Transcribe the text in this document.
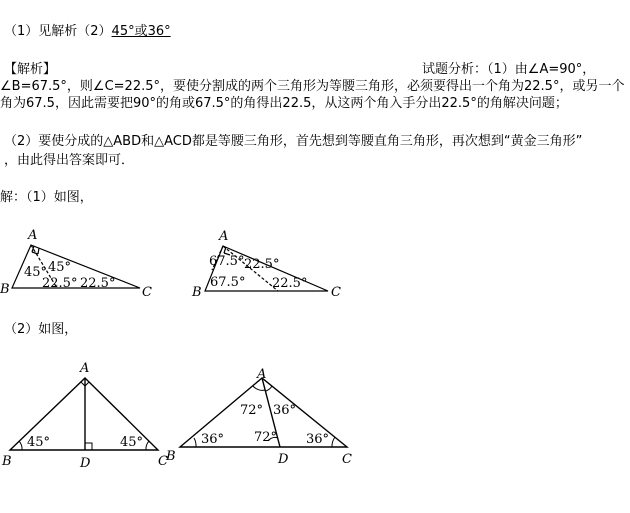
（1）见解析（2）45°或36°
【解析】	试题分析：（1）由∠A=90°，
∠B=67.5°，则∠C=22.5°，要使分割成的两个三角形为等腰三角形，必须要得出一个角为22.5°，或另一个
角为67.5，因此需要把90°的角或67.5°的角得出22.5，从这两个角入手分出22.5°的角解决问题；
（2）要使分成的△ABD和△ACD都是等腰三角形，首先想到等腰直角三角形，再次想到“黄金三角形”
，由此得出答案即可．
解：（1）如图，
（2）如图，
A
B	C
45° 45°
22.5° 22.5°
A
B	C
67.5° 22.5°
67.5° 22.5°
A
B	C
D
45°	45°
A
B	C
D
72° 36°
36° 72° 36°
